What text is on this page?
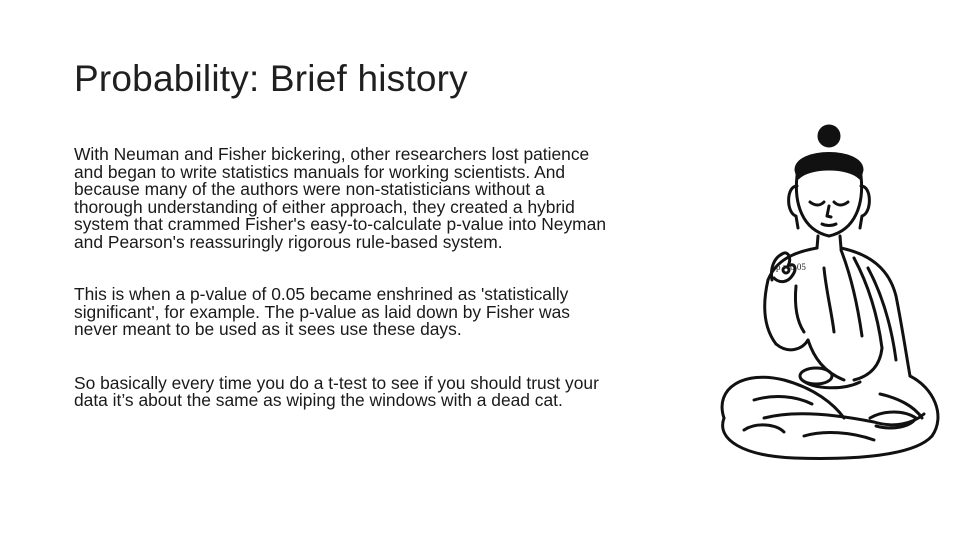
Probability: Brief history

With Neuman and Fisher bickering, other researchers lost patience
and began to write statistics manuals for working scientists. And
because many of the authors were non-statisticians without a
thorough understanding of either approach, they created a hybrid
system that crammed Fisher's easy-to-calculate p-value into Neyman
and Pearson's reassuringly rigorous rule-based system.

This is when a p-value of 0.05 became enshrined as 'statistically
significant', for example. The p-value as laid down by Fisher was
never meant to be used as it sees use these days.

So basically every time you do a t-test to see if you should trust your
data it’s about the same as wiping the windows with a dead cat.

p = 0.05
